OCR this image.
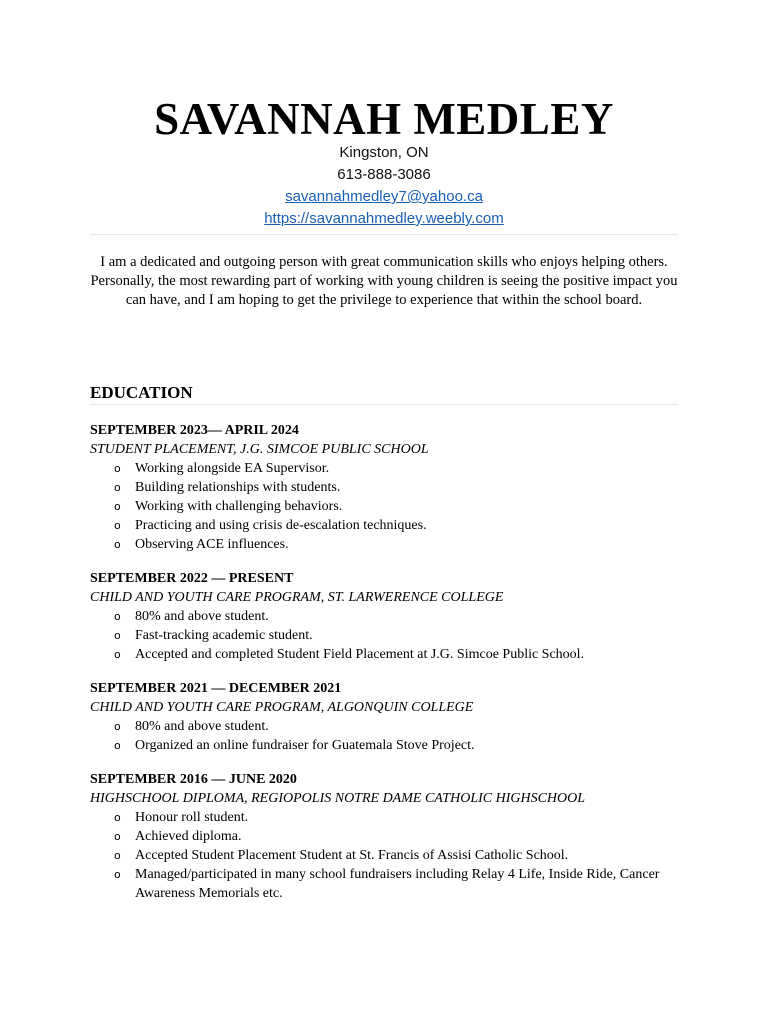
SAVANNAH MEDLEY
Kingston, ON
613-888-3086
savannahmedley7@yahoo.ca
https://savannahmedley.weebly.com

I am a dedicated and outgoing person with great communication skills who enjoys helping others. Personally, the most rewarding part of working with young children is seeing the positive impact you can have, and I am hoping to get the privilege to experience that within the school board.

EDUCATION

SEPTEMBER 2023— APRIL 2024

STUDENT PLACEMENT, J.G. SIMCOE PUBLIC SCHOOL

o Working alongside EA Supervisor.
o Building relationships with students.
o Working with challenging behaviors.
o Practicing and using crisis de-escalation techniques.
o Observing ACE influences.

SEPTEMBER 2022 — PRESENT

CHILD AND YOUTH CARE PROGRAM, ST. LARWERENCE COLLEGE

o 80% and above student.
o Fast-tracking academic student.
o Accepted and completed Student Field Placement at J.G. Simcoe Public School.

SEPTEMBER 2021 — DECEMBER 2021

CHILD AND YOUTH CARE PROGRAM, ALGONQUIN COLLEGE

o 80% and above student.
o Organized an online fundraiser for Guatemala Stove Project.

SEPTEMBER 2016 — JUNE 2020

HIGHSCHOOL DIPLOMA, REGIOPOLIS NOTRE DAME CATHOLIC HIGHSCHOOL

o Honour roll student.
o Achieved diploma.
o Accepted Student Placement Student at St. Francis of Assisi Catholic School.
o Managed/participated in many school fundraisers including Relay 4 Life, Inside Ride, Cancer Awareness Memorials etc.
